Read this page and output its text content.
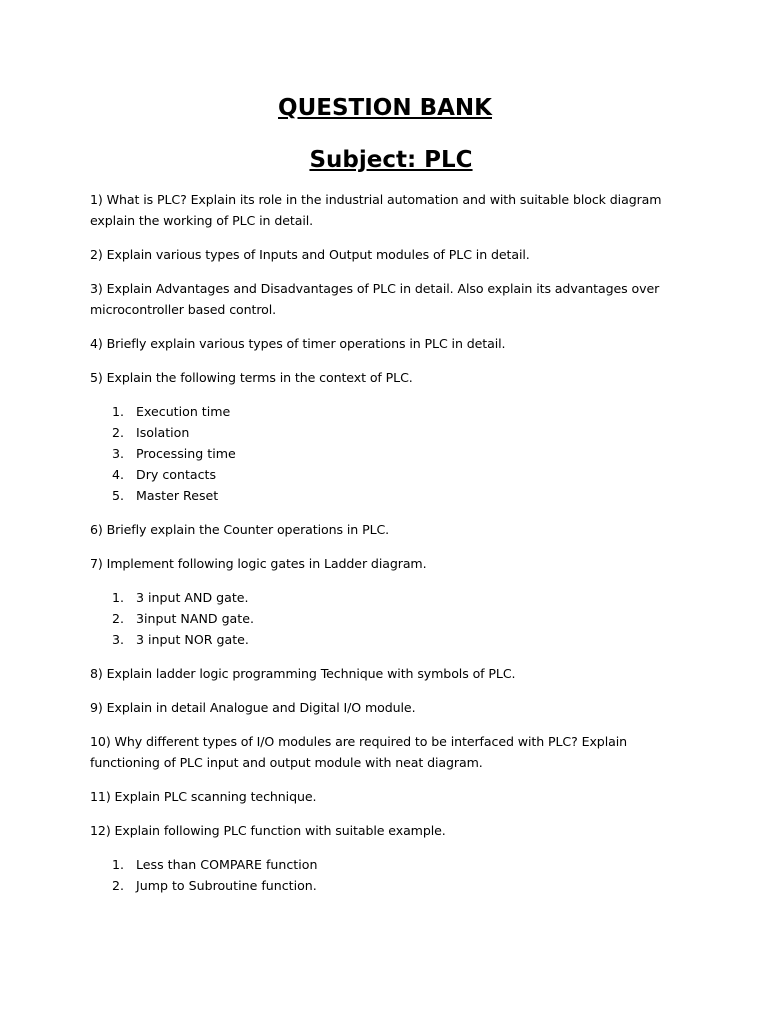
QUESTION BANK
Subject: PLC

1) What is PLC? Explain its role in the industrial automation and with suitable block diagram explain the working of PLC in detail.

2) Explain various types of Inputs and Output modules of PLC in detail.

3) Explain Advantages and Disadvantages of PLC in detail. Also explain its advantages over microcontroller based control.

4) Briefly explain various types of timer operations in PLC in detail.

5) Explain the following terms in the context of PLC.

1. Execution time
2. Isolation
3. Processing time
4. Dry contacts
5. Master Reset

6) Briefly explain the Counter operations in PLC.

7) Implement following logic gates in Ladder diagram.

1. 3 input AND gate.
2. 3input NAND gate.
3. 3 input NOR gate.

8) Explain ladder logic programming Technique with symbols of PLC.

9) Explain in detail Analogue and Digital I/O module.

10) Why different types of I/O modules are required to be interfaced with PLC? Explain functioning of PLC input and output module with neat diagram.

11) Explain PLC scanning technique.

12) Explain following PLC function with suitable example.

1. Less than COMPARE function
2. Jump to Subroutine function.
